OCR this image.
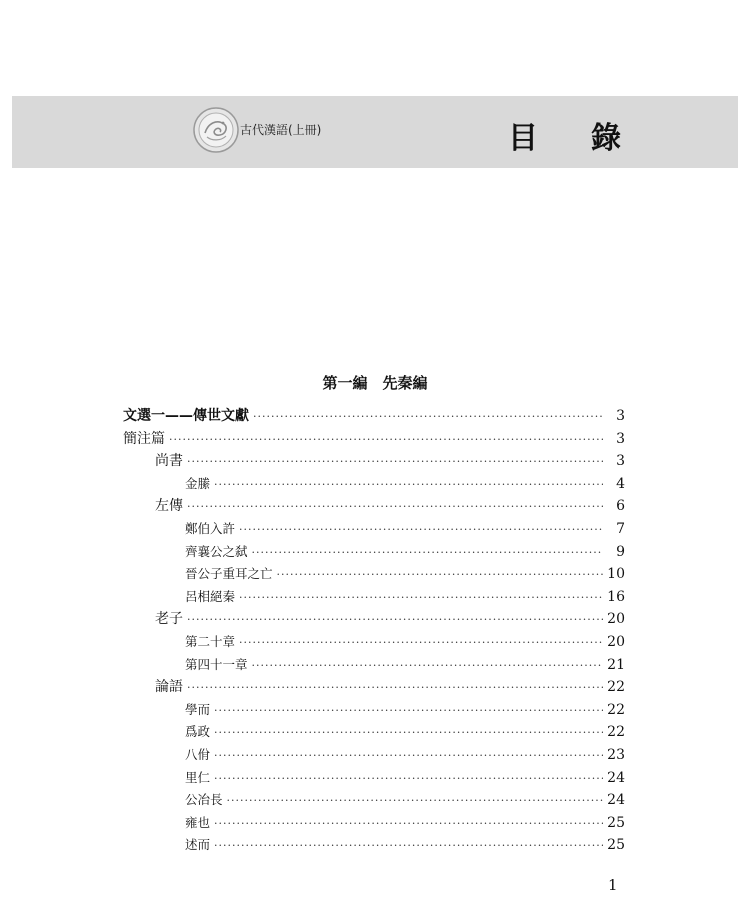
古代漢語(上冊)	目錄
第一編　先秦編
文選一——傳世文獻 ·····	3
簡注篇 ·····	3
尚書 ·····	3
金縢 ·····	4
左傳 ·····	6
鄭伯入許 ·····	7
齊襄公之弑 ·····	9
晉公子重耳之亡 ·····	10
呂相絕秦 ·····	16
老子 ·····	20
第二十章 ·····	20
第四十一章 ·····	21
論語 ·····	22
學而 ·····	22
爲政 ·····	22
八佾 ·····	23
里仁 ·····	24
公冶長 ·····	24
雍也 ·····	25
述而 ·····	25
1
